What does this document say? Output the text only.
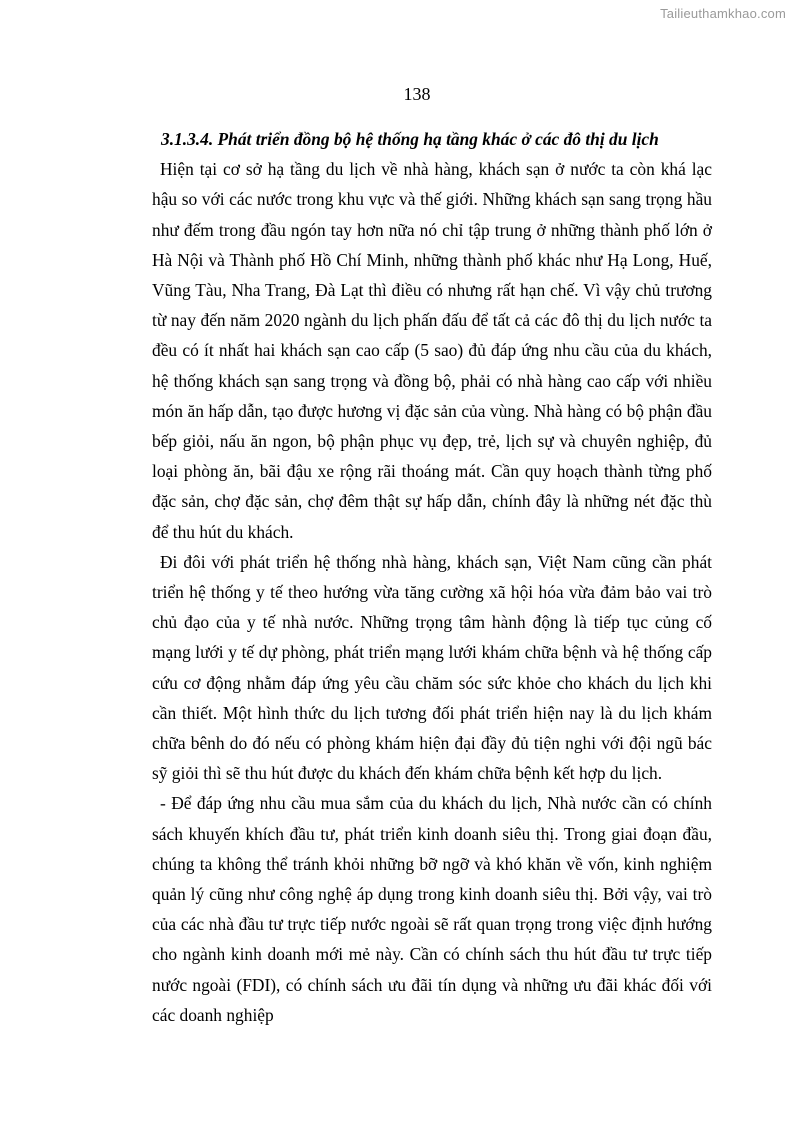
Tailieuthamkhao.com
138

3.1.3.4. Phát triển đồng bộ hệ thống hạ tầng khác ở các đô thị du lịch

Hiện tại cơ sở hạ tầng du lịch về nhà hàng, khách sạn ở nước ta còn khá lạc hậu so với các nước trong khu vực và thế giới. Những khách sạn sang trọng hầu như đếm trong đầu ngón tay hơn nữa nó chỉ tập trung ở những thành phố lớn ở Hà Nội và Thành phố Hồ Chí Minh, những thành phố khác như Hạ Long, Huế, Vũng Tàu, Nha Trang, Đà Lạt thì điều có nhưng rất hạn chế. Vì vậy chủ trương từ nay đến năm 2020 ngành du lịch phấn đấu để tất cả các đô thị du lịch nước ta đều có ít nhất hai khách sạn cao cấp (5 sao) đủ đáp ứng nhu cầu của du khách, hệ thống khách sạn sang trọng và đồng bộ, phải có nhà hàng cao cấp với nhiều món ăn hấp dẫn, tạo được hương vị đặc sản của vùng. Nhà hàng có bộ phận đầu bếp giỏi, nấu ăn ngon, bộ phận phục vụ đẹp, trẻ, lịch sự và chuyên nghiệp, đủ loại phòng ăn, bãi đậu xe rộng rãi thoáng mát. Cần quy hoạch thành từng phố đặc sản, chợ đặc sản, chợ đêm thật sự hấp dẫn, chính đây là những nét đặc thù để thu hút du khách.

Đi đôi với phát triển hệ thống nhà hàng, khách sạn, Việt Nam cũng cần phát triển hệ thống y tế theo hướng vừa tăng cường xã hội hóa vừa đảm bảo vai trò chủ đạo của y tế nhà nước. Những trọng tâm hành động là tiếp tục củng cố mạng lưới y tế dự phòng, phát triển mạng lưới khám chữa bệnh và hệ thống cấp cứu cơ động nhằm đáp ứng yêu cầu chăm sóc sức khỏe cho khách du lịch khi cần thiết. Một hình thức du lịch tương đối phát triển hiện nay là du lịch khám chữa bênh do đó nếu có phòng khám hiện đại đầy đủ tiện nghi với đội ngũ bác sỹ giỏi thì sẽ thu hút được du khách đến khám chữa bệnh kết hợp du lịch.

- Để đáp ứng nhu cầu mua sắm của du khách du lịch, Nhà nước cần có chính sách khuyến khích đầu tư, phát triển kinh doanh siêu thị. Trong giai đoạn đầu, chúng ta không thể tránh khỏi những bỡ ngỡ và khó khăn về vốn, kinh nghiệm quản lý cũng như công nghệ áp dụng trong kinh doanh siêu thị. Bởi vậy, vai trò của các nhà đầu tư trực tiếp nước ngoài sẽ rất quan trọng trong việc định hướng cho ngành kinh doanh mới mẻ này. Cần có chính sách thu hút đầu tư trực tiếp nước ngoài (FDI), có chính sách ưu đãi tín dụng và những ưu đãi khác đối với các doanh nghiệp
